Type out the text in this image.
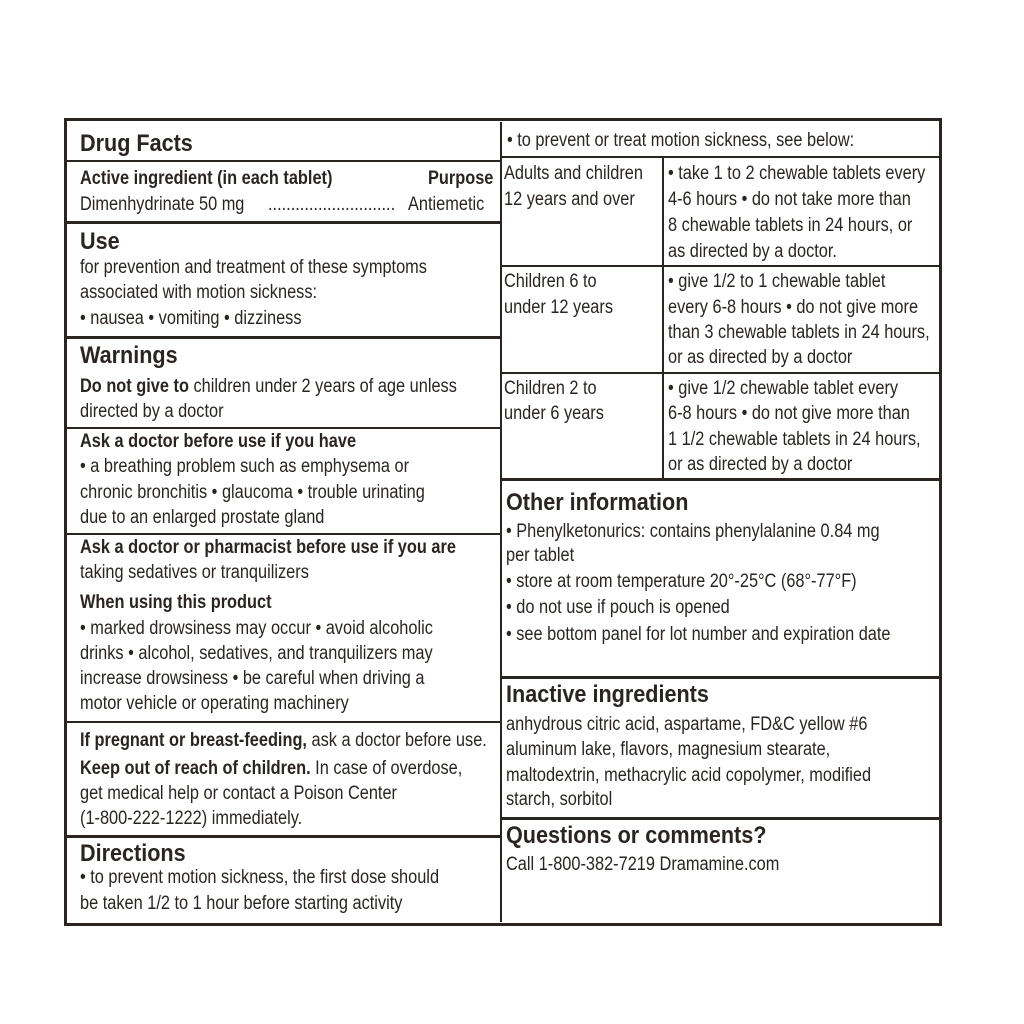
Drug Facts
Active ingredient (in each tablet)	Purpose
Dimenhydrinate 50 mg ............................ Antiemetic
Use
for prevention and treatment of these symptoms
associated with motion sickness:
• nausea • vomiting • dizziness
Warnings
Do not give to children under 2 years of age unless
directed by a doctor
Ask a doctor before use if you have
• a breathing problem such as emphysema or
chronic bronchitis • glaucoma • trouble urinating
due to an enlarged prostate gland
Ask a doctor or pharmacist before use if you are
taking sedatives or tranquilizers
When using this product
• marked drowsiness may occur • avoid alcoholic
drinks • alcohol, sedatives, and tranquilizers may
increase drowsiness • be careful when driving a
motor vehicle or operating machinery
If pregnant or breast-feeding, ask a doctor before use.
Keep out of reach of children. In case of overdose,
get medical help or contact a Poison Center
(1-800-222-1222) immediately.
Directions
• to prevent motion sickness, the first dose should
be taken 1/2 to 1 hour before starting activity
• to prevent or treat motion sickness, see below:
Adults and children
12 years and over
• take 1 to 2 chewable tablets every
4-6 hours • do not take more than
8 chewable tablets in 24 hours, or
as directed by a doctor.
Children 6 to
under 12 years
• give 1/2 to 1 chewable tablet
every 6-8 hours • do not give more
than 3 chewable tablets in 24 hours,
or as directed by a doctor
Children 2 to
under 6 years
• give 1/2 chewable tablet every
6-8 hours • do not give more than
1 1/2 chewable tablets in 24 hours,
or as directed by a doctor
Other information
• Phenylketonurics: contains phenylalanine 0.84 mg
per tablet
• store at room temperature 20°-25°C (68°-77°F)
• do not use if pouch is opened
• see bottom panel for lot number and expiration date
Inactive ingredients
anhydrous citric acid, aspartame, FD&C yellow #6
aluminum lake, flavors, magnesium stearate,
maltodextrin, methacrylic acid copolymer, modified
starch, sorbitol
Questions or comments?
Call 1-800-382-7219 Dramamine.com
